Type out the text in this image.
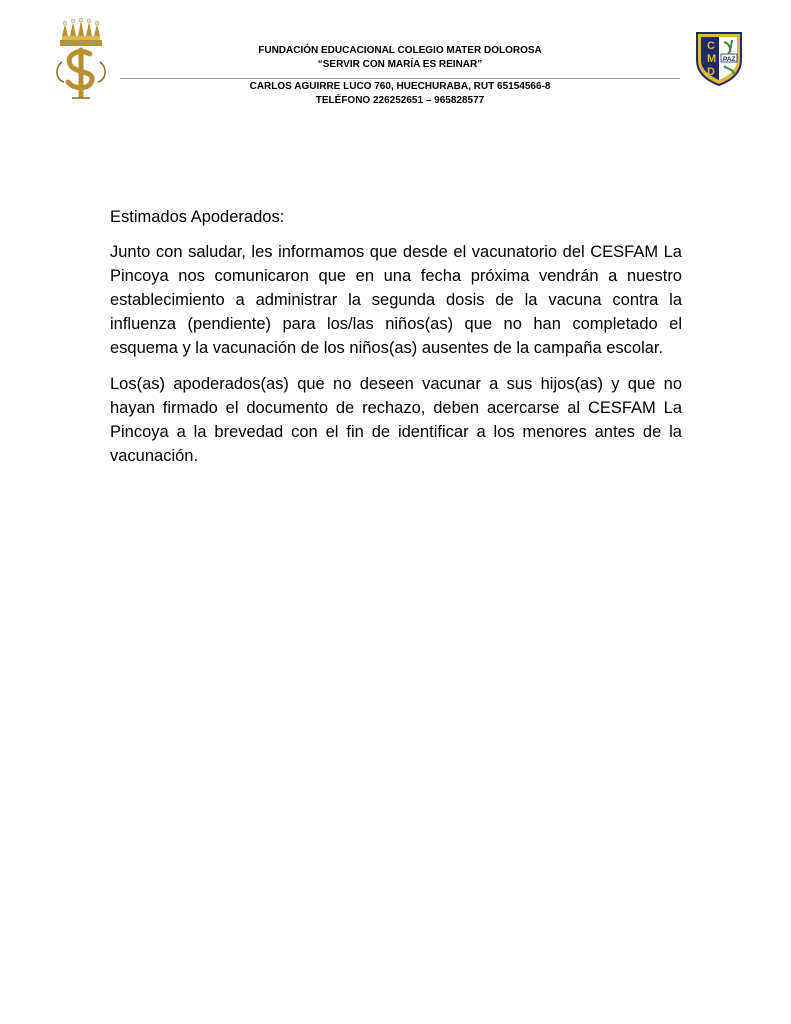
FUNDACIÓN EDUCACIONAL COLEGIO MATER DOLOROSA
“SERVIR CON MARÍA ES REINAR”
CARLOS AGUIRRE LUCO 760, HUECHURABA, RUT 65154566-8
TELÉFONO 226252651 – 965828577
C
M
D
PAZ

Estimados Apoderados:

Junto con saludar, les informamos que desde el vacunatorio del CESFAM La Pincoya nos comunicaron que en una fecha próxima vendrán a nuestro establecimiento a administrar la segunda dosis de la vacuna contra la influenza (pendiente) para los/las niños(as) que no han completado el esquema y la vacunación de los niños(as) ausentes de la campaña escolar.

Los(as) apoderados(as) que no deseen vacunar a sus hijos(as) y que no hayan firmado el documento de rechazo, deben acercarse al CESFAM La Pincoya a la brevedad con el fin de identificar a los menores antes de la vacunación.
